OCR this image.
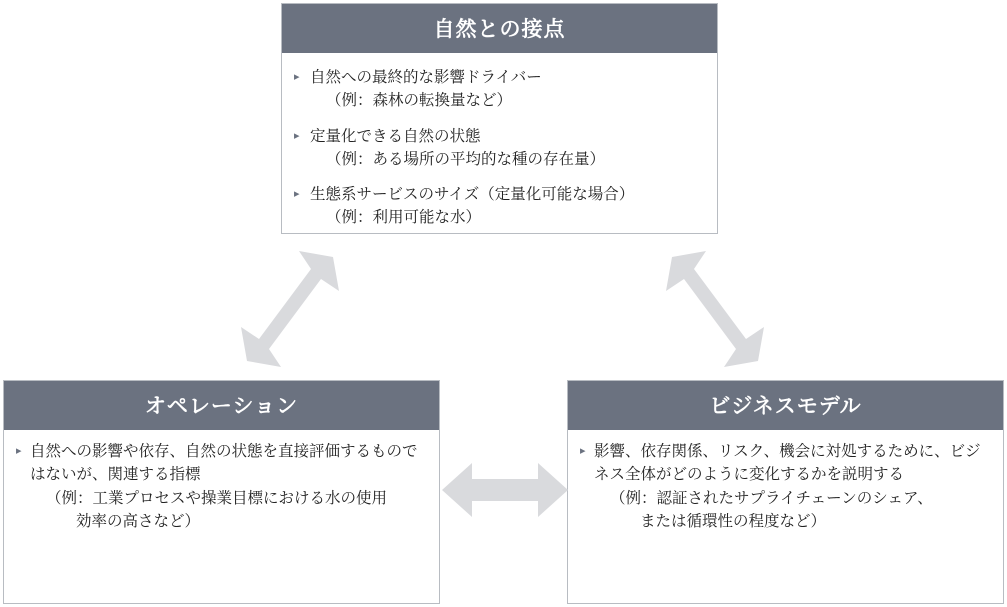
自然との接点
▸ 自然への最終的な影響ドライバー
（例：森林の転換量など）
▸ 定量化できる自然の状態
（例：ある場所の平均的な種の存在量）
▸ 生態系サービスのサイズ（定量化可能な場合）
（例：利用可能な水）
オペレーション
▸ 自然への影響や依存、自然の状態を直接評価するものではないが、関連する指標
（例：工業プロセスや操業目標における水の使用
効率の高さなど）
ビジネスモデル
▸ 影響、依存関係、リスク、機会に対処するために、ビジネス全体がどのように変化するかを説明する
（例：認証されたサプライチェーンのシェア、
または循環性の程度など）
